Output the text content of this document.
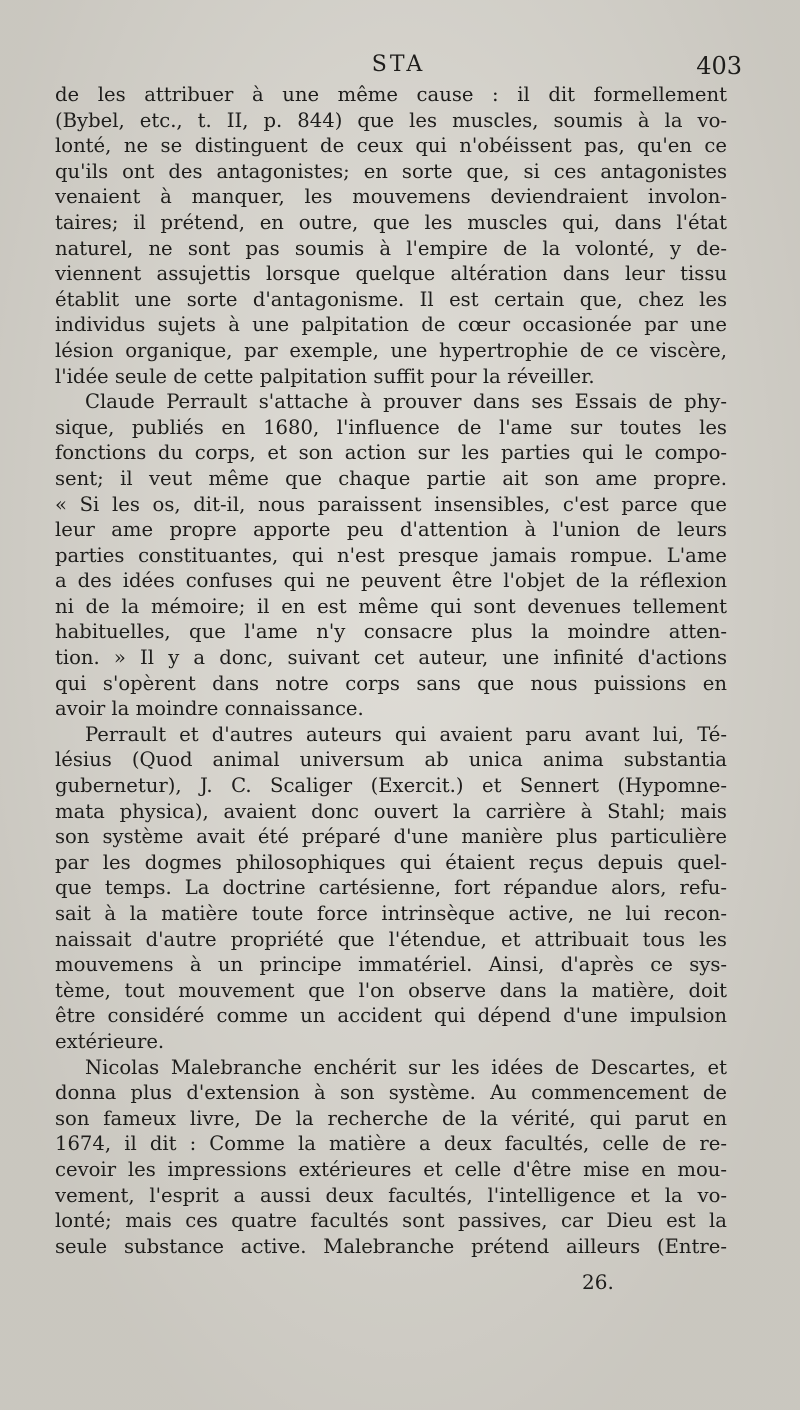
STA	403
de les attribuer à une même cause : il dit formellement
(Bybel, etc., t. II, p. 844) que les muscles, soumis à la vo-
lonté, ne se distinguent de ceux qui n'obéissent pas, qu'en ce
qu'ils ont des antagonistes; en sorte que, si ces antagonistes
venaient à manquer, les mouvemens deviendraient involon-
taires; il prétend, en outre, que les muscles qui, dans l'état
naturel, ne sont pas soumis à l'empire de la volonté, y de-
viennent assujettis lorsque quelque altération dans leur tissu
établit une sorte d'antagonisme. Il est certain que, chez les
individus sujets à une palpitation de cœur occasionée par une
lésion organique, par exemple, une hypertrophie de ce viscère,
l'idée seule de cette palpitation suffit pour la réveiller.
Claude Perrault s'attache à prouver dans ses Essais de phy-
sique, publiés en 1680, l'influence de l'ame sur toutes les
fonctions du corps, et son action sur les parties qui le compo-
sent; il veut même que chaque partie ait son ame propre.
« Si les os, dit-il, nous paraissent insensibles, c'est parce que
leur ame propre apporte peu d'attention à l'union de leurs
parties constituantes, qui n'est presque jamais rompue. L'ame
a des idées confuses qui ne peuvent être l'objet de la réflexion
ni de la mémoire; il en est même qui sont devenues tellement
habituelles, que l'ame n'y consacre plus la moindre atten-
tion. » Il y a donc, suivant cet auteur, une infinité d'actions
qui s'opèrent dans notre corps sans que nous puissions en
avoir la moindre connaissance.
Perrault et d'autres auteurs qui avaient paru avant lui, Té-
lésius (Quod animal universum ab unica anima substantia
gubernetur), J. C. Scaliger (Exercit.) et Sennert (Hypomne-
mata physica), avaient donc ouvert la carrière à Stahl; mais
son système avait été préparé d'une manière plus particulière
par les dogmes philosophiques qui étaient reçus depuis quel-
que temps. La doctrine cartésienne, fort répandue alors, refu-
sait à la matière toute force intrinsèque active, ne lui recon-
naissait d'autre propriété que l'étendue, et attribuait tous les
mouvemens à un principe immatériel. Ainsi, d'après ce sys-
tème, tout mouvement que l'on observe dans la matière, doit
être considéré comme un accident qui dépend d'une impulsion
extérieure.
Nicolas Malebranche enchérit sur les idées de Descartes, et
donna plus d'extension à son système. Au commencement de
son fameux livre, De la recherche de la vérité, qui parut en
1674, il dit : Comme la matière a deux facultés, celle de re-
cevoir les impressions extérieures et celle d'être mise en mou-
vement, l'esprit a aussi deux facultés, l'intelligence et la vo-
lonté; mais ces quatre facultés sont passives, car Dieu est la
seule substance active. Malebranche prétend ailleurs (Entre-
26.
